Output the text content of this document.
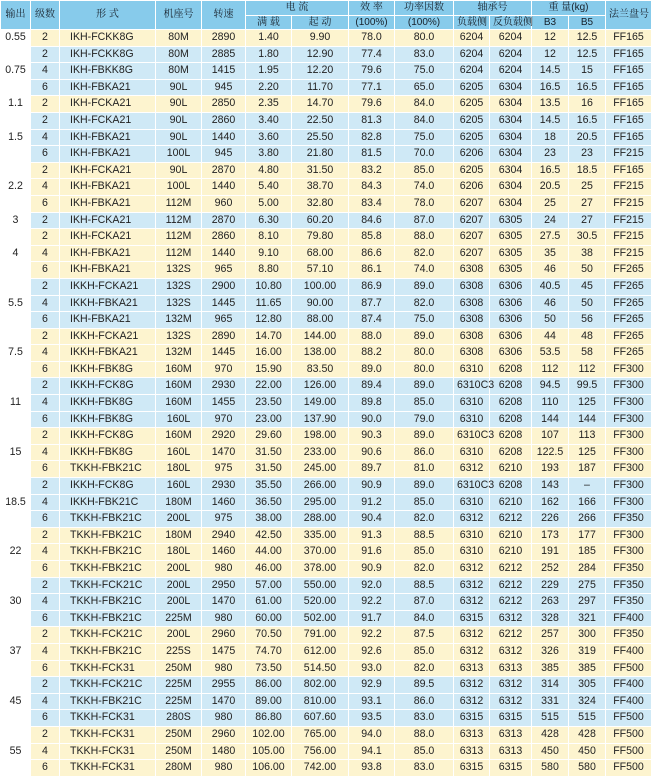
输出	级数	形 式	机座号	转速	电 流		效 率	功率因数	轴承号		重 量(kg)		法兰盘号
					满 载	起 动	(100%)	(100%)	负载侧	反负载侧	B3	B5	
0.55	2	IKH-FCKK8G	80M	2890	1.40	9.90	78.0	80.0	6204	6204	12	12.5	FF165
0.75	2	IKH-FCKK8G	80M	2885	1.80	12.90	77.4	83.0	6204	6204	12	12.5	FF165
	4	IKH-FBKK8G	80M	1415	1.95	12.20	79.6	75.0	6204	6204	14.5	15	FF165
	6	IKH-FBKA21	90L	945	2.20	11.70	77.1	65.0	6205	6304	16.5	16.5	FF165
1.1	2	IKH-FCKA21	90L	2850	2.35	14.70	79.6	84.0	6205	6304	13.5	16	FF165
1.5	2	IKH-FCKA21	90L	2860	3.40	22.50	81.3	84.0	6205	6304	14.5	16.5	FF165
	4	IKH-FBKA21	90L	1440	3.60	25.50	82.8	75.0	6205	6304	18	20.5	FF165
	6	IKH-FBKA21	100L	945	3.80	21.80	81.5	70.0	6206	6304	23	23	FF215
2.2	2	IKH-FCKA21	90L	2870	4.80	31.50	83.2	85.0	6205	6304	16.5	18.5	FF165
	4	IKH-FBKA21	100L	1440	5.40	38.70	84.3	74.0	6206	6304	20.5	25	FF215
	6	IKH-FBKA21	112M	960	5.00	32.80	83.4	78.0	6207	6304	25	27	FF215
3	2	IKH-FCKA21	112M	2870	6.30	60.20	84.6	87.0	6207	6305	24	27	FF215
4	2	IKH-FCKA21	112M	2860	8.10	79.80	85.8	88.0	6207	6305	27.5	30.5	FF215
	4	IKH-FBKA21	112M	1440	9.10	68.00	86.6	82.0	6207	6305	35	38	FF215
	6	IKH-FBKA21	132S	965	8.80	57.10	86.1	74.0	6308	6305	46	50	FF265
5.5	2	IKKH-FCKA21	132S	2900	10.80	100.00	86.9	89.0	6308	6306	40.5	45	FF265
	4	IKKH-FBKA21	132S	1445	11.65	90.00	87.7	82.0	6308	6306	46	50	FF265
	6	IKH-FBKA21	132M	965	12.80	88.00	87.4	75.0	6308	6306	50	56	FF265
7.5	2	IKKH-FCKA21	132S	2890	14.70	144.00	88.0	89.0	6308	6306	44	48	FF265
	4	IKKH-FBKA21	132M	1445	16.00	138.00	88.2	80.0	6308	6306	53.5	58	FF265
	6	IKKH-FBK8G	160M	970	15.90	83.50	89.0	80.0	6310	6208	112	112	FF300
11	2	IKKH-FCK8G	160M	2930	22.00	126.00	89.4	89.0	6310C3	6208	94.5	99.5	FF300
	4	IKKH-FBK8G	160M	1455	23.50	149.00	89.8	85.0	6310	6208	110	125	FF300
	6	IKKH-FBK8G	160L	970	23.00	137.90	90.0	79.0	6310	6208	144	144	FF300
15	2	IKKH-FCK8G	160M	2920	29.60	198.00	90.3	89.0	6310C3	6208	107	113	FF300
	4	IKKH-FBK8G	160L	1470	31.50	233.00	90.6	86.0	6310	6208	122.5	125	FF300
	6	TKKH-FBK21C	180L	975	31.50	245.00	89.7	81.0	6312	6210	193	187	FF300
18.5	2	IKKH-FCK8G	160L	2930	35.50	266.00	90.9	89.0	6310C3	6208	143	–	FF300
	4	IKKH-FBK21C	180M	1460	36.50	295.00	91.2	85.0	6310	6210	162	166	FF300
	6	TKKH-FBK21C	200L	975	38.00	288.00	90.4	82.0	6312	6212	226	266	FF350
22	2	TKKH-FBK21C	180M	2940	42.50	335.00	91.3	88.5	6310	6210	173	177	FF300
	4	TKKH-FBK21C	180L	1460	44.00	370.00	91.6	85.0	6310	6210	191	185	FF300
	6	TKKH-FBK21C	200L	980	46.00	378.00	90.9	82.0	6312	6212	252	284	FF350
30	2	TKKH-FCK21C	200L	2950	57.00	550.00	92.0	88.5	6312	6212	229	275	FF350
	4	TKKH-FBK21C	200L	1470	61.00	520.00	92.2	87.0	6312	6212	263	297	FF350
	6	TKKH-FBK21C	225M	980	60.00	502.00	91.7	84.0	6315	6312	328	321	FF400
37	2	TKKH-FCK21C	200L	2960	70.50	791.00	92.2	87.5	6312	6212	257	300	FF350
	4	TKKH-FBK21C	225S	1475	74.70	612.00	92.6	85.0	6312	6312	326	319	FF400
	6	TKKH-FCK31	250M	980	73.50	514.50	93.0	82.0	6313	6313	385	385	FF500
45	2	TKKH-FCK21C	225M	2955	86.00	802.00	92.9	89.5	6312	6312	314	305	FF400
	4	TKKH-FBK21C	225M	1470	89.00	810.00	93.1	86.0	6312	6312	331	324	FF400
	6	TKKH-FCK31	280S	980	86.80	607.60	93.5	83.0	6315	6315	515	515	FF500
55	2	TKKH-FCK31	250M	2960	102.00	765.00	94.0	88.0	6313	6313	428	428	FF500
	4	TKKH-FCK31	250M	1480	105.00	756.00	94.1	85.0	6313	6313	450	450	FF500
	6	TKKH-FCK31	280M	980	106.00	742.00	93.8	83.0	6315	6315	580	580	FF500
